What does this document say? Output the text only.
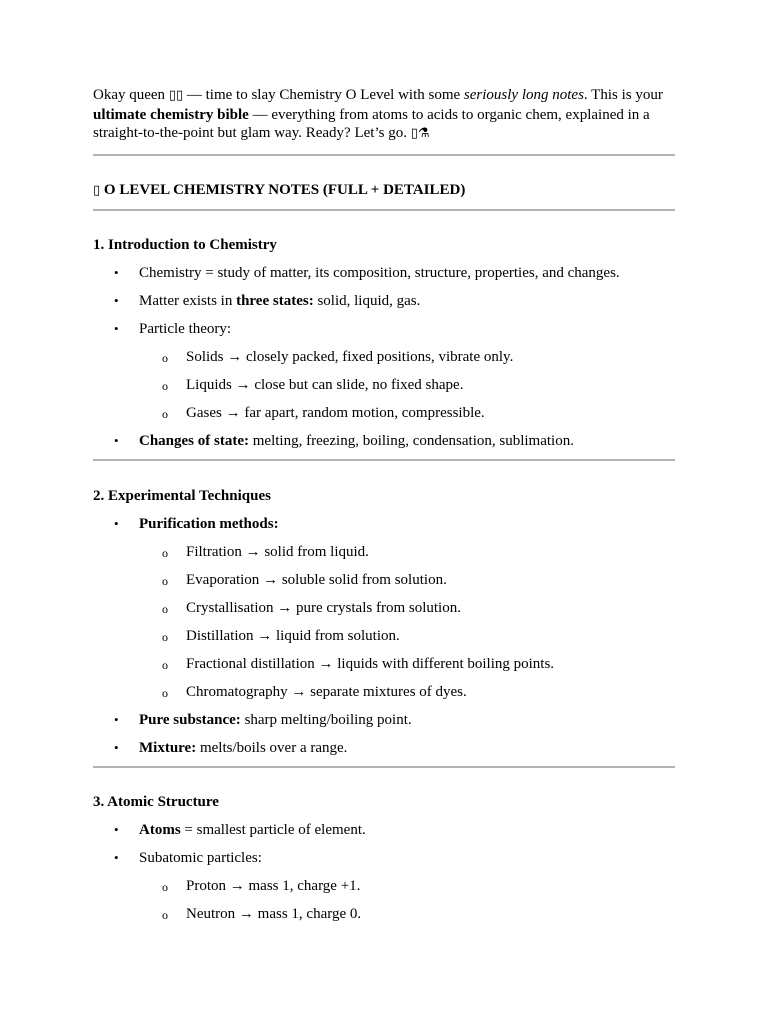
Okay queen ▯▯ — time to slay Chemistry O Level with some seriously long notes. This is your ultimate chemistry bible — everything from atoms to acids to organic chem, explained in a straight-to-the-point but glam way. Ready? Let’s go. ▯⚗

▯ O LEVEL CHEMISTRY NOTES (FULL + DETAILED)

1. Introduction to Chemistry

• Chemistry = study of matter, its composition, structure, properties, and changes.
• Matter exists in three states: solid, liquid, gas.
• Particle theory:
o Solids → closely packed, fixed positions, vibrate only.
o Liquids → close but can slide, no fixed shape.
o Gases → far apart, random motion, compressible.
• Changes of state: melting, freezing, boiling, condensation, sublimation.

2. Experimental Techniques

• Purification methods:
o Filtration → solid from liquid.
o Evaporation → soluble solid from solution.
o Crystallisation → pure crystals from solution.
o Distillation → liquid from solution.
o Fractional distillation → liquids with different boiling points.
o Chromatography → separate mixtures of dyes.
• Pure substance: sharp melting/boiling point.
• Mixture: melts/boils over a range.

3. Atomic Structure

• Atoms = smallest particle of element.
• Subatomic particles:
o Proton → mass 1, charge +1.
o Neutron → mass 1, charge 0.
